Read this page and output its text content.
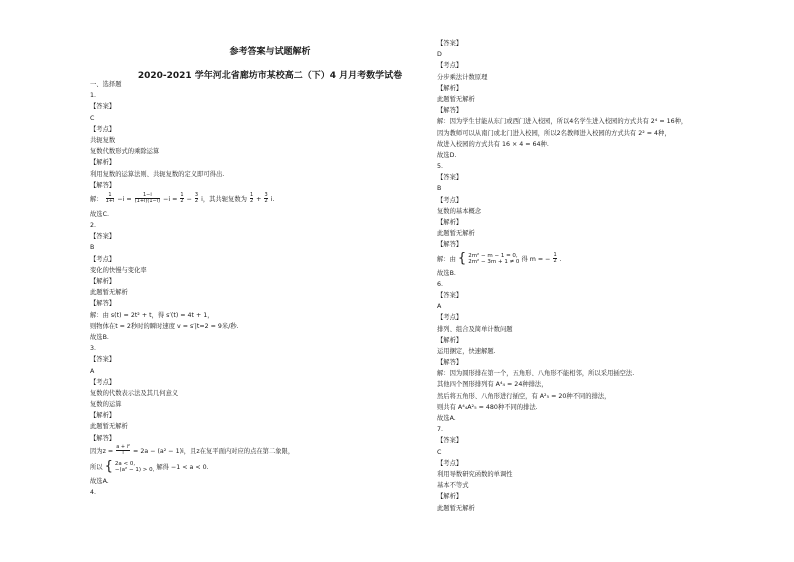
参考答案与试题解析
2020-2021 学年河北省廊坊市某校高二（下）4 月月考数学试卷
一、选择题
1.
【答案】
C
【考点】
共轭复数
复数代数形式的乘除运算
【解析】
利用复数的运算法则、共轭复数的定义即可得出.
【解答】
解： $\frac{1}{1+i} -i = \frac{1-i}{(1+i)(1-i)} -i = \frac{1}{2} - \frac{3}{2}$ i，其共轭复数为 $\frac{1}{2} + \frac{3}{2} i$.
故选C.
2.
【答案】
B
【考点】
变化的快慢与变化率
【解析】
此题暂无解析
【解答】
解：由 s(t) = 2t² + t，得 s′(t) = 4t + 1，
则物体在t = 2秒时的瞬时速度 v = s′|t=2 = 9米/秒.
故选B.
3.
【答案】
A
【考点】
复数的代数表示法及其几何意义
复数的运算
【解析】
此题暂无解析
【解答】
因为$z = \frac{\text{a + i²}}{i} = 2a - (a^2 - 1)i$，且z在复平面内对应的点在第二象限，
所以 { 2a < 0,
−(a² − 1) > 0, 解得 −1 < a < 0.
故选A.
4.
【答案】
D
【考点】
分步乘法计数原理
【解析】
此题暂无解析
【解答】
解：因为学生甘能从东门或西门进入校园，所以4名学生进入校园的方式共有 2⁴ = 16种，
因为教师可以从南门或北门进入校园，所以2名教师进入校园的方式共有 2² = 4种，
故进入校园的方式共有 16 × 4 = 64种.
故选D.
5.
【答案】
B
【考点】
复数的基本概念
【解析】
此题暂无解析
【解答】
解：由 { 2m² − m − 1 = 0,
2m² − 3m + 1 ≠ 0 得 m = − $\frac{1}{2}$ .
故选B.
6.
【答案】
A
【考点】
排列、组合及简单计数问题
【解析】
运用捆定，快速解题.
【解答】
解：因为圆形排在第一个，五角形、八角形不能相邻，所以采用插空法.
其他四个图形排列有 A⁴₄ = 24种排法，
然后将五角形、八角形进行插空，有 A²₅ = 20种不同的排法，
则共有 A⁴₄A²₅ = 480种不同的排法.
故选A.
7.
【答案】
C
【考点】
利用导数研究函数的单调性
基本不等式
【解析】
此题暂无解析
